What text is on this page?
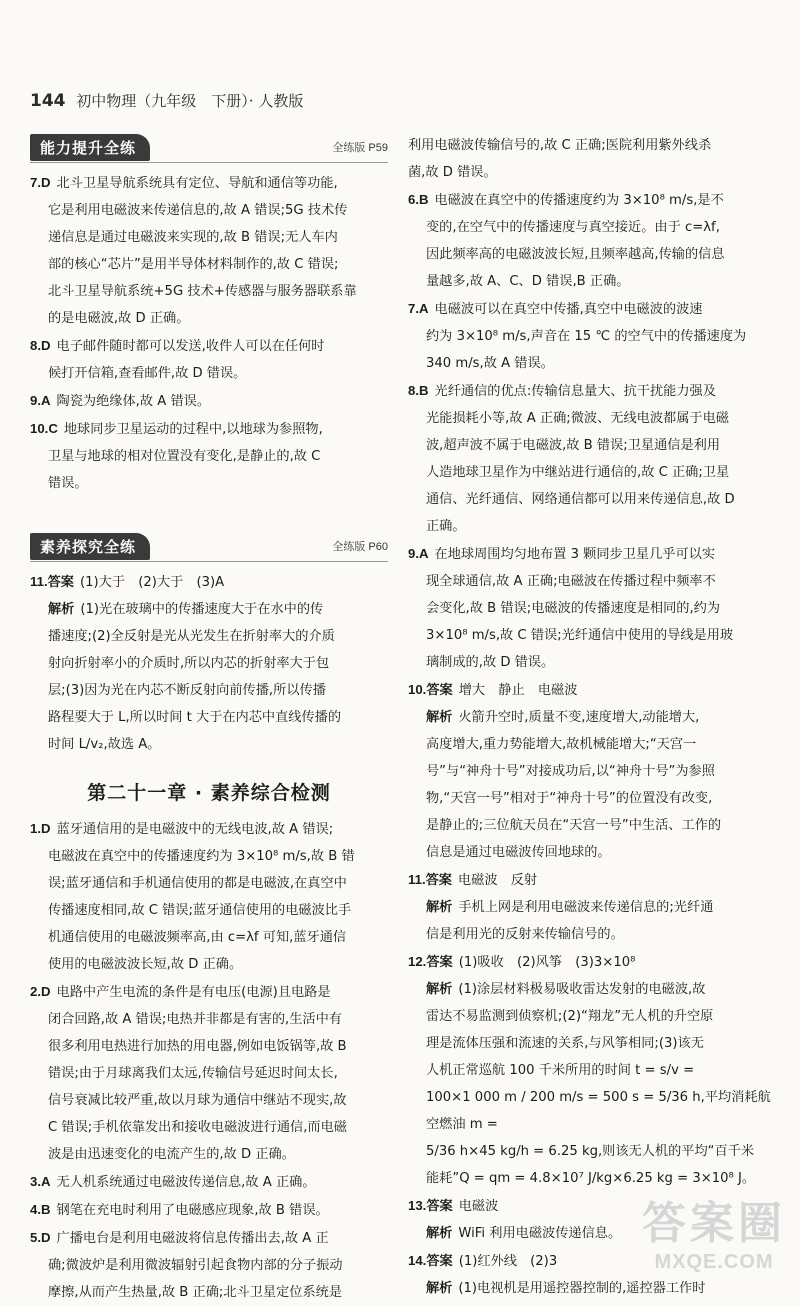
144 初中物理（九年级　下册）· 人教版
能力提升全练	全练版 P59

7.D 北斗卫星导航系统具有定位、导航和通信等功能,

它是利用电磁波来传递信息的,故 A 错误;5G 技术传

递信息是通过电磁波来实现的,故 B 错误;无人车内

部的核心“芯片”是用半导体材料制作的,故 C 错误;

北斗卫星导航系统+5G 技术+传感器与服务器联系靠

的是电磁波,故 D 正确。

8.D 电子邮件随时都可以发送,收件人可以在任何时

候打开信箱,查看邮件,故 D 错误。

9.A 陶瓷为绝缘体,故 A 错误。

10.C 地球同步卫星运动的过程中,以地球为参照物,

卫星与地球的相对位置没有变化,是静止的,故 C

错误。

素养探究全练	全练版 P60

11.答案 (1)大于　(2)大于　(3)A

解析 (1)光在玻璃中的传播速度大于在水中的传

播速度;(2)全反射是光从光发生在折射率大的介质

射向折射率小的介质时,所以内芯的折射率大于包

层;(3)因为光在内芯不断反射向前传播,所以传播

路程要大于 L,所以时间 t 大于在内芯中直线传播的

时间 L/v₂,故选 A。

第二十一章 · 素养综合检测

1.D 蓝牙通信用的是电磁波中的无线电波,故 A 错误;

电磁波在真空中的传播速度约为 3×10⁸ m/s,故 B 错

误;蓝牙通信和手机通信使用的都是电磁波,在真空中

传播速度相同,故 C 错误;蓝牙通信使用的电磁波比手

机通信使用的电磁波频率高,由 c=λf 可知,蓝牙通信

使用的电磁波波长短,故 D 正确。

2.D 电路中产生电流的条件是有电压(电源)且电路是

闭合回路,故 A 错误;电热并非都是有害的,生活中有

很多利用电热进行加热的用电器,例如电饭锅等,故 B

错误;由于月球离我们太远,传输信号延迟时间太长,

信号衰减比较严重,故以月球为通信中继站不现实,故

C 错误;手机依靠发出和接收电磁波进行通信,而电磁

波是由迅速变化的电流产生的,故 D 正确。

3.A 无人机系统通过电磁波传递信息,故 A 正确。

4.B 钢笔在充电时利用了电磁感应现象,故 B 错误。

5.D 广播电台是利用电磁波将信息传播出去,故 A 正

确;微波炉是利用微波辐射引起食物内部的分子振动

摩擦,从而产生热量,故 B 正确;北斗卫星定位系统是

利用电磁波传输信号的,故 C 正确;医院利用紫外线杀

菌,故 D 错误。

6.B 电磁波在真空中的传播速度约为 3×10⁸ m/s,是不

变的,在空气中的传播速度与真空接近。由于 c=λf,

因此频率高的电磁波波长短,且频率越高,传输的信息

量越多,故 A、C、D 错误,B 正确。

7.A 电磁波可以在真空中传播,真空中电磁波的波速

约为 3×10⁸ m/s,声音在 15 ℃ 的空气中的传播速度为

340 m/s,故 A 错误。

8.B 光纤通信的优点:传输信息量大、抗干扰能力强及

光能损耗小等,故 A 正确;微波、无线电波都属于电磁

波,超声波不属于电磁波,故 B 错误;卫星通信是利用

人造地球卫星作为中继站进行通信的,故 C 正确;卫星

通信、光纤通信、网络通信都可以用来传递信息,故 D

正确。

9.A 在地球周围均匀地布置 3 颗同步卫星几乎可以实

现全球通信,故 A 正确;电磁波在传播过程中频率不

会变化,故 B 错误;电磁波的传播速度是相同的,约为

3×10⁸ m/s,故 C 错误;光纤通信中使用的导线是用玻

璃制成的,故 D 错误。

10.答案 增大　静止　电磁波

解析 火箭升空时,质量不变,速度增大,动能增大,

高度增大,重力势能增大,故机械能增大;“天宫一

号”与“神舟十号”对接成功后,以“神舟十号”为参照

物,“天宫一号”相对于“神舟十号”的位置没有改变,

是静止的;三位航天员在“天宫一号”中生活、工作的

信息是通过电磁波传回地球的。

11.答案 电磁波　反射

解析 手机上网是利用电磁波来传递信息的;光纤通

信是利用光的反射来传输信号的。

12.答案 (1)吸收　(2)风筝　(3)3×10⁸

解析 (1)涂层材料极易吸收雷达发射的电磁波,故

雷达不易监测到侦察机;(2)“翔龙”无人机的升空原

理是流体压强和流速的关系,与风筝相同;(3)该无

人机正常巡航 100 千米所用的时间 t = s/v =

100×1 000 m / 200 m/s = 500 s = 5/36 h,平均消耗航空燃油 m =

5/36 h×45 kg/h = 6.25 kg,则该无人机的平均“百千米

能耗”Q = qm = 4.8×10⁷ J/kg×6.25 kg = 3×10⁸ J。

13.答案 电磁波

解析 WiFi 利用电磁波传递信息。

14.答案 (1)红外线　(2)3

解析 (1)电视机是用遥控器控制的,遥控器工作时

答案圈
MXQE.COM
